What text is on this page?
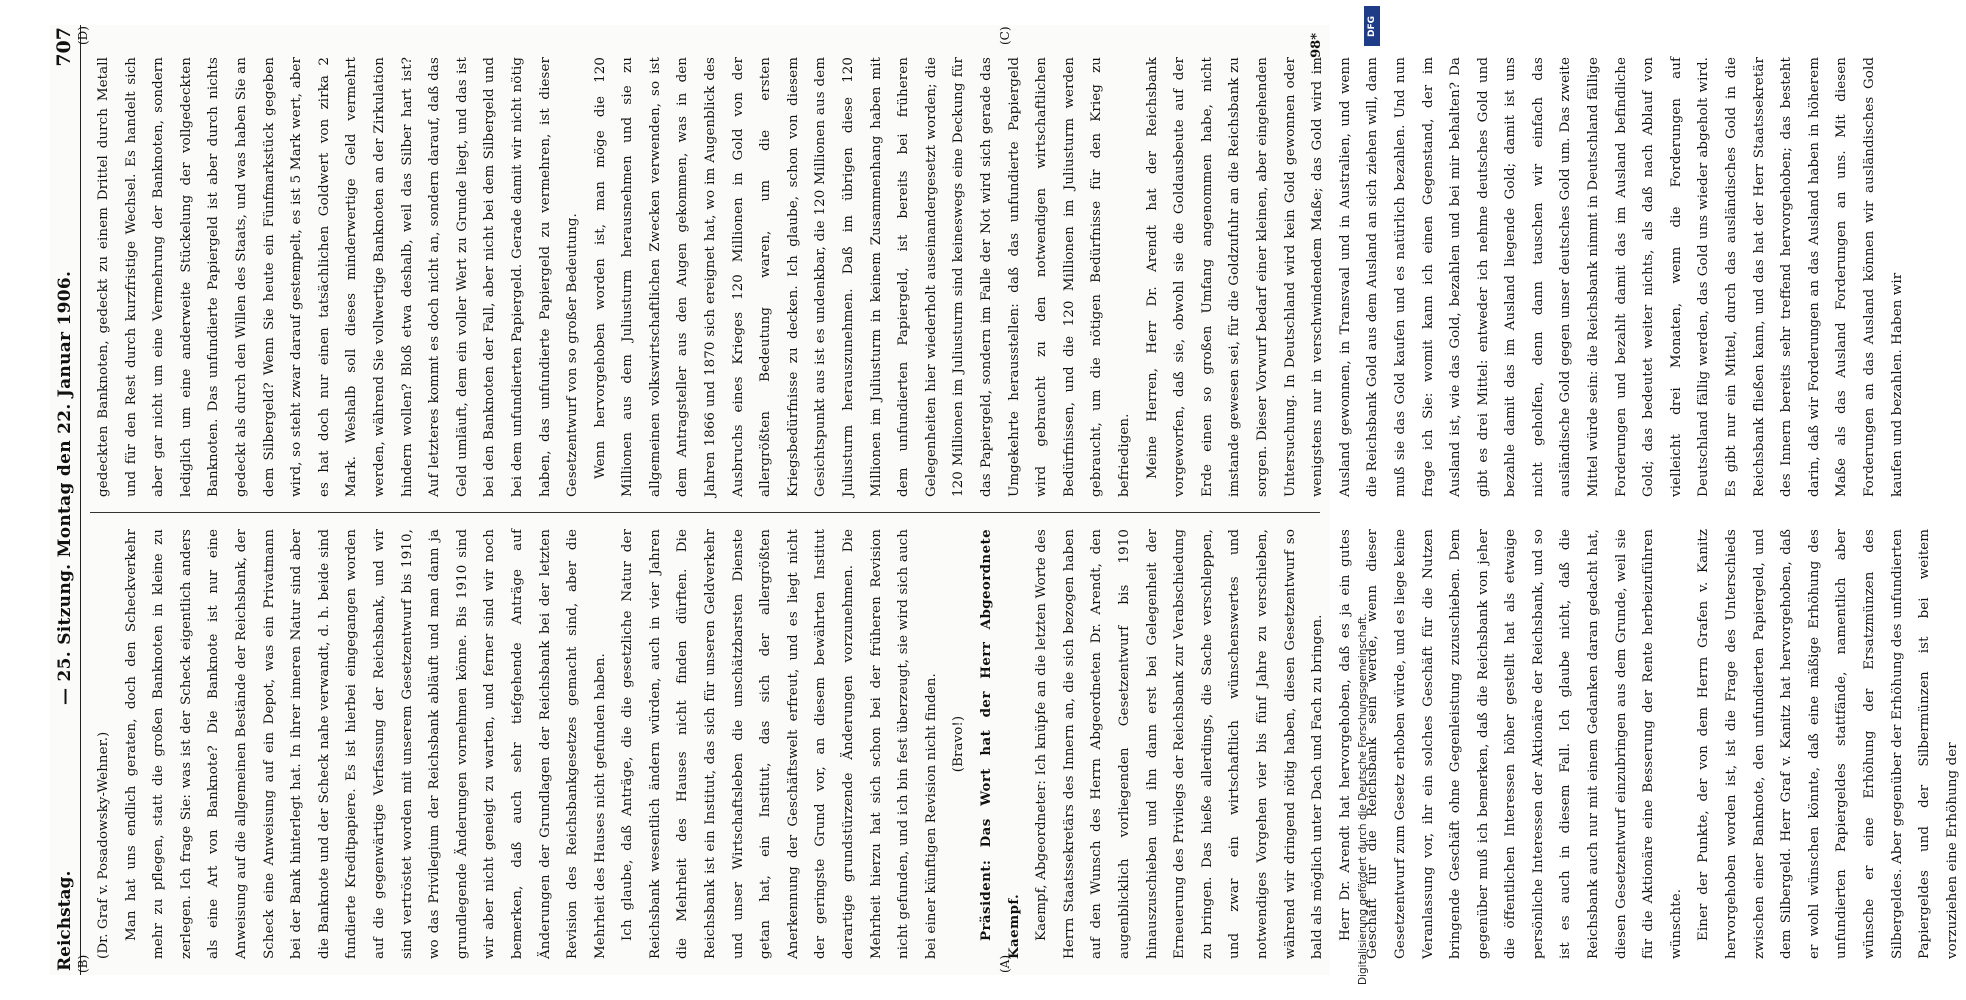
Reichstag.
— 25. Sitzung. Montag den 22. Januar 1906.
707
(A)
(B)
(C)
(D)

(Dr. Graf v. Posadowsky-Wehner.) Man hat uns endlich geraten, doch den Scheckverkehr mehr zu pflegen, statt die großen Banknoten in kleine zu zerlegen. Ich frage Sie: was ist der Scheck eigentlich anders als eine Art von Banknote? Die Banknote ist nur eine Anweisung auf die allgemeinen Bestände der Reichsbank, der Scheck eine Anweisung auf ein Depot, was ein Privatmann bei der Bank hinterlegt hat. In ihrer inneren Natur sind aber die Banknote und der Scheck nahe verwandt, d. h. beide sind fundierte Kreditpapiere. Es ist hierbei eingegangen worden auf die gegenwärtige Verfassung der Reichsbank, und wir sind vertröstet worden mit unserem Gesetzentwurf bis 1910, wo das Privilegium der Reichsbank abläuft und man dann ja grundlegende Änderungen vornehmen könne. Bis 1910 sind wir aber nicht geneigt zu warten, und ferner sind wir noch bemerken, daß auch sehr tiefgehende Anträge auf Änderungen der Grundlagen der Reichsbank bei der letzten Revision des Reichsbankgesetzes gemacht sind, aber die Mehrheit des Hauses nicht gefunden haben. Ich glaube, daß Anträge, die die gesetzliche Natur der Reichsbank wesentlich ändern würden, auch in vier Jahren die Mehrheit des Hauses nicht finden dürften. Die Reichsbank ist ein Institut, das sich für unseren Geldverkehr und unser Wirtschaftsleben die unschätzbarsten Dienste getan hat, ein Institut, das sich der allergrößten Anerkennung der Geschäftswelt erfreut, und es liegt nicht der geringste Grund vor, an diesem bewährten Institut derartige grundstürzende Änderungen vorzunehmen. Die Mehrheit hierzu hat sich schon bei der früheren Revision nicht gefunden, und ich bin fest überzeugt, sie wird sich auch bei einer künftigen Revision nicht finden. (Bravo!) Präsident: Das Wort hat der Herr Abgeordnete Kaempf. Kaempf, Abgeordneter: Ich knüpfe an die letzten Worte des Herrn Staatssekretärs des Innern an, die sich bezogen haben auf den Wunsch des Herrn Abgeordneten Dr. Arendt, den augenblicklich vorliegenden Gesetzentwurf bis 1910 hinauszuschieben und ihn dann erst bei Gelegenheit der Erneuerung des Privilegs der Reichsbank zur Verabschiedung zu bringen. Das hieße allerdings, die Sache verschleppen, und zwar ein wirtschaftlich wünschenswertes und notwendiges Vorgehen vier bis fünf Jahre zu verschieben, während wir dringend nötig haben, diesen Gesetzentwurf so bald als möglich unter Dach und Fach zu bringen. Herr Dr. Arendt hat hervorgehoben, daß es ja ein gutes Geschäft für die Reichsbank sein werde, wenn dieser Gesetzentwurf zum Gesetz erhoben würde, und es liege keine Veranlassung vor, ihr ein solches Geschäft für die Nutzen bringende Geschäft ohne Gegenleistung zuzuschieben. Dem gegenüber muß ich bemerken, daß die Reichsbank von jeher die öffentlichen Interessen höher gestellt hat als etwaige persönliche Interessen der Aktionäre der Reichsbank, und so ist es auch in diesem Fall. Ich glaube nicht, daß die Reichsbank auch nur mit einem Gedanken daran gedacht hat, diesen Gesetzentwurf einzubringen aus dem Grunde, weil sie für die Aktionäre eine Besserung der Rente herbeizuführen wünschte. Einer der Punkte, der von dem Herrn Grafen v. Kanitz hervorgehoben worden ist, ist die Frage des Unterschieds zwischen einer Banknote, den unfundierten Papiergeld, und dem Silbergeld. Herr Graf v. Kanitz hat hervorgehoben, daß er wohl wünschen könnte, daß eine mäßige Erhöhung des unfundierten Papiergeldes stattfände, namentlich aber wünsche er eine Erhöhung der Ersatzmünzen des Silbergeldes. Aber gegenüber der Erhöhung des unfundierten Papiergeldes und der Silbermünzen ist bei weitem vorzuziehen eine Erhöhung der

gedeckten Banknoten, gedeckt zu einem Drittel durch Metall und für den Rest durch kurzfristige Wechsel. Es handelt sich aber gar nicht um eine Vermehrung der Banknoten, sondern lediglich um eine anderweite Stückelung der vollgedeckten Banknoten. Das unfundierte Papiergeld ist aber durch nichts gedeckt als durch den Willen des Staats, und was haben Sie an dem Silbergeld? Wenn Sie heute ein Fünfmarkstück gegeben wird, so steht zwar darauf gestempelt, es ist 5 Mark wert, aber es hat doch nur einen tatsächlichen Goldwert von zirka 2 Mark. Weshalb soll dieses minderwertige Geld vermehrt werden, während Sie vollwertige Banknoten an der Zirkulation hindern wollen? Bloß etwa deshalb, weil das Silber hart ist? Auf letzteres kommt es doch nicht an, sondern darauf, daß das Geld umläuft, dem ein voller Wert zu Grunde liegt, und das ist bei den Banknoten der Fall, aber nicht bei dem Silbergeld und bei dem unfundierten Papiergeld. Gerade damit wir nicht nötig haben, das unfundierte Papiergeld zu vermehren, ist dieser Gesetzentwurf von so großer Bedeutung. Wenn hervorgehoben worden ist, man möge die 120 Millionen aus dem Juliusturm herausnehmen und sie zu allgemeinen volkswirtschaftlichen Zwecken verwenden, so ist dem Antragsteller aus den Augen gekommen, was in den Jahren 1866 und 1870 sich ereignet hat, wo im Augenblick des Ausbruchs eines Krieges 120 Millionen in Gold von der allergrößten Bedeutung waren, um die ersten Kriegsbedürfnisse zu decken. Ich glaube, schon von diesem Gesichtspunkt aus ist es undenkbar, die 120 Millionen aus dem Juliusturm herauszunehmen. Daß im übrigen diese 120 Millionen im Juliusturm in keinem Zusammenhang haben mit dem unfundierten Papiergeld, ist bereits bei früheren Gelegenheiten hier wiederholt auseinandergesetzt worden; die 120 Millionen im Juliusturm sind keineswegs eine Deckung für das Papiergeld, sondern im Falle der Not wird sich gerade das Umgekehrte herausstellen: daß das unfundierte Papiergeld wird gebraucht zu den notwendigen wirtschaftlichen Bedürfnissen, und die 120 Millionen im Juliusturm werden gebraucht, um die nötigen Bedürfnisse für den Krieg zu befriedigen. Meine Herren, Herr Dr. Arendt hat der Reichsbank vorgeworfen, daß sie, obwohl sie die Goldausbeute auf der Erde einen so großen Umfang angenommen habe, nicht imstande gewesen sei, für die Goldzufuhr an die Reichsbank zu sorgen. Dieser Vorwurf bedarf einer kleinen, aber eingehenden Untersuchung. In Deutschland wird kein Gold gewonnen oder wenigstens nur in verschwindendem Maße; das Gold wird im Ausland gewonnen, in Transvaal und in Australien, und wenn die Reichsbank Gold aus dem Ausland an sich ziehen will, dann muß sie das Gold kaufen und es natürlich bezahlen. Und nun frage ich Sie: womit kann ich einen Gegenstand, der im Ausland ist, wie das Gold, bezahlen und bei mir behalten? Da gibt es drei Mittel: entweder ich nehme deutsches Gold und bezahle damit das im Ausland liegende Gold; damit ist uns nicht geholfen, denn dann tauschen wir einfach das ausländische Gold gegen unser deutsches Gold um. Das zweite Mittel würde sein: die Reichsbank nimmt in Deutschland fällige Forderungen und bezahlt damit das im Ausland befindliche Gold; das bedeutet weiter nichts, als daß nach Ablauf von vielleicht drei Monaten, wenn die Forderungen auf Deutschland fällig werden, das Gold uns wieder abgeholt wird. Es gibt nur ein Mittel, durch das ausländisches Gold in die Reichsbank fließen kann, und das hat der Herr Staatssekretär des Innern bereits sehr treffend hervorgehoben; das besteht darin, daß wir Forderungen an das Ausland haben in höherem Maße als das Ausland Forderungen an uns. Mit diesen Forderungen an das Ausland können wir ausländisches Gold kaufen und bezahlen. Haben wir

98*
Digitalisierung gefördert durch die Deutsche Forschungsgemeinschaft.
DFG
